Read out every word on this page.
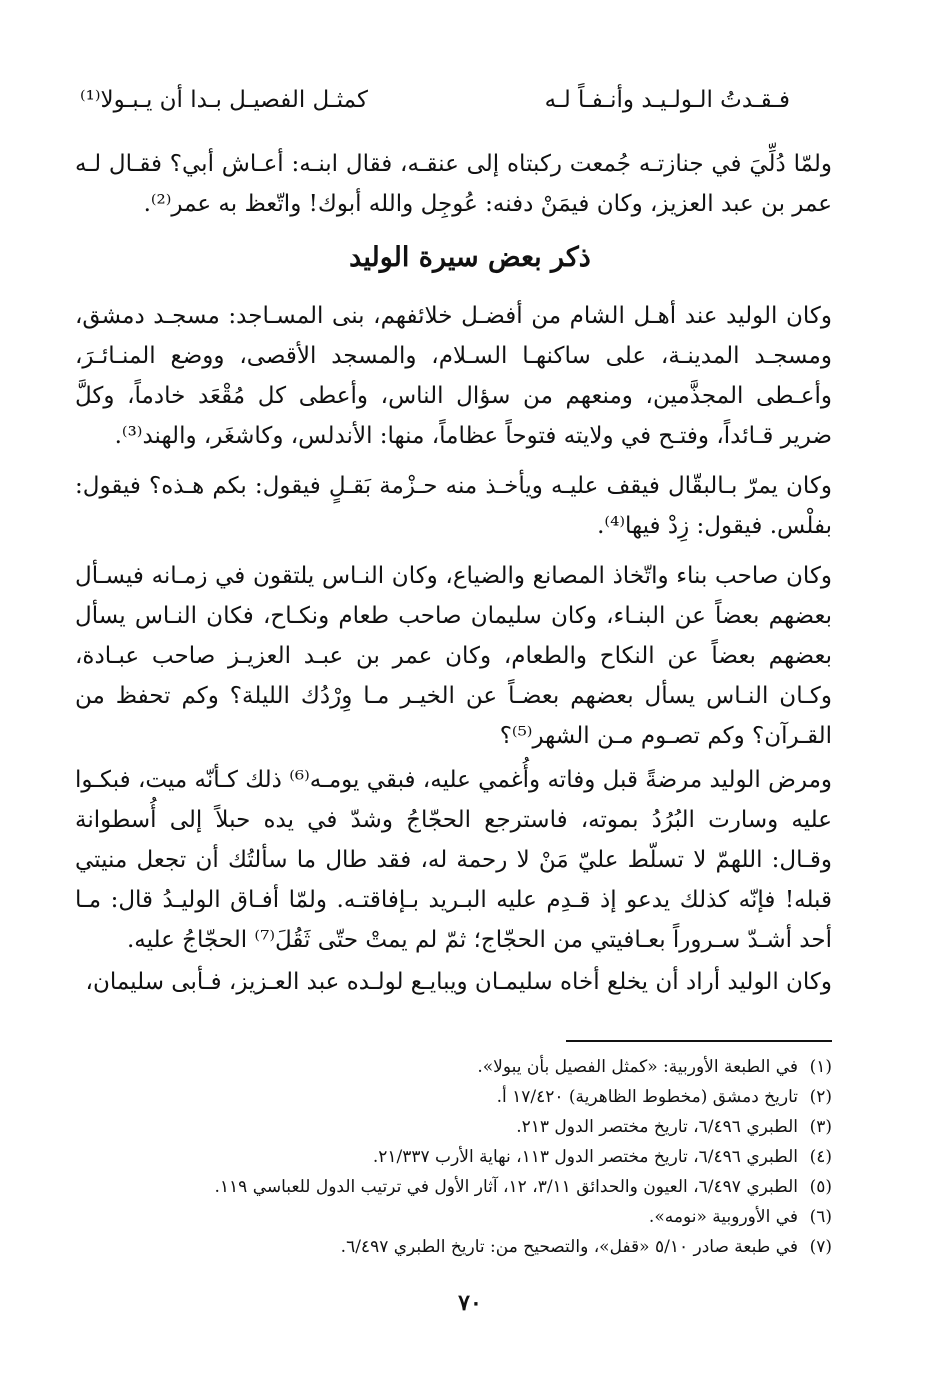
فـقـدتُ الـولـيـد وأنـفـاً لـه
كمثـل الفصيـل بـدا أن يـبـولا⁽¹⁾

ولمّا دُلِّيَ في جنازتـه جُمعت ركبتاه إلى عنقـه، فقال ابنـه: أعـاش أبي؟ فقـال لـه عمر بن عبد العزيز، وكان فيمَنْ دفنه: عُوجِل والله أبوك! واتّعظ به عمر⁽²⁾.

ذكر بعض سيرة الوليد

وكان الوليد عند أهـل الشام من أفضـل خلائفهم، بنى المسـاجد: مسجـد دمشق، ومسجـد المدينـة، على ساكنهـا السـلام، والمسجد الأقصى، ووضع المنـائـرَ، وأعـطى المجذَّمين، ومنعهم من سؤال الناس، وأعطى كل مُقْعَد خادماً، وكلَّ ضرير قـائداً، وفتـح في ولايته فتوحاً عظاماً، منها: الأندلس، وكاشغَر، والهند⁽³⁾.

وكان يمرّ بـالبقّال فيقف عليـه ويأخـذ منه حـزْمة بَقـلٍ فيقول: بكم هـذه؟ فيقول: بفلْس. فيقول: زِدْ فيها⁽⁴⁾.

وكان صاحب بناء واتّخاذ المصانع والضياع، وكان النـاس يلتقون في زمـانه فيسـأل بعضهم بعضاً عن البنـاء، وكان سليمان صاحب طعام ونكـاح، فكان النـاس يسأل بعضهم بعضاً عن النكاح والطعام، وكان عمر بن عبـد العزيـز صاحب عبـادة، وكـان النـاس يسأل بعضهم بعضـاً عن الخيـر مـا وِرْدُك الليلة؟ وكم تحفظ من القـرآن؟ وكم تصـوم مـن الشهر⁽⁵⁾؟

ومرض الوليد مرضةً قبل وفاته وأُغمي عليه، فبقي يومـه⁽⁶⁾ ذلك كـأنّه ميت، فبكـوا عليه وسارت البُرُدُ بموته، فاسترجع الحجّاجُ وشدّ في يده حبلاً إلى أُسطوانة وقـال: اللهمّ لا تسلّط عليّ مَنْ لا رحمة له، فقد طال ما سألتُك أن تجعل منيتي قبله! فإنّه كذلك يدعو إذ قـدِم عليه البـريد بـإفاقتـه. ولمّا أفـاق الوليـدُ قال: مـا أحد أشـدّ سـروراً بعـافيتي من الحجّاج؛ ثمّ لم يمتْ حتّى ثَقُلَ⁽⁷⁾ الحجّاجُ عليه.

وكان الوليد أراد أن يخلع أخاه سليمـان ويبايـع لولـده عبد العـزيز، فـأبى سليمان،

(١)في الطبعة الأوربية: «كمثل الفصيل بأن يبولا».
(٢)تاريخ دمشق (مخطوط الظاهرية) ١٧/٤٢٠ أ.
(٣)الطبري ٦/٤٩٦، تاريخ مختصر الدول ٢١٣.
(٤)الطبري ٦/٤٩٦، تاريخ مختصر الدول ١١٣، نهاية الأرب ٢١/٣٣٧.
(٥)الطبري ٦/٤٩٧، العيون والحدائق ٣/١١، ١٢، آثار الأول في ترتيب الدول للعباسي ١١٩.
(٦)في الأوروبية «نومه».
(٧)في طبعة صادر ٥/١٠ «قفل»، والتصحيح من: تاريخ الطبري ٦/٤٩٧.
٧٠
